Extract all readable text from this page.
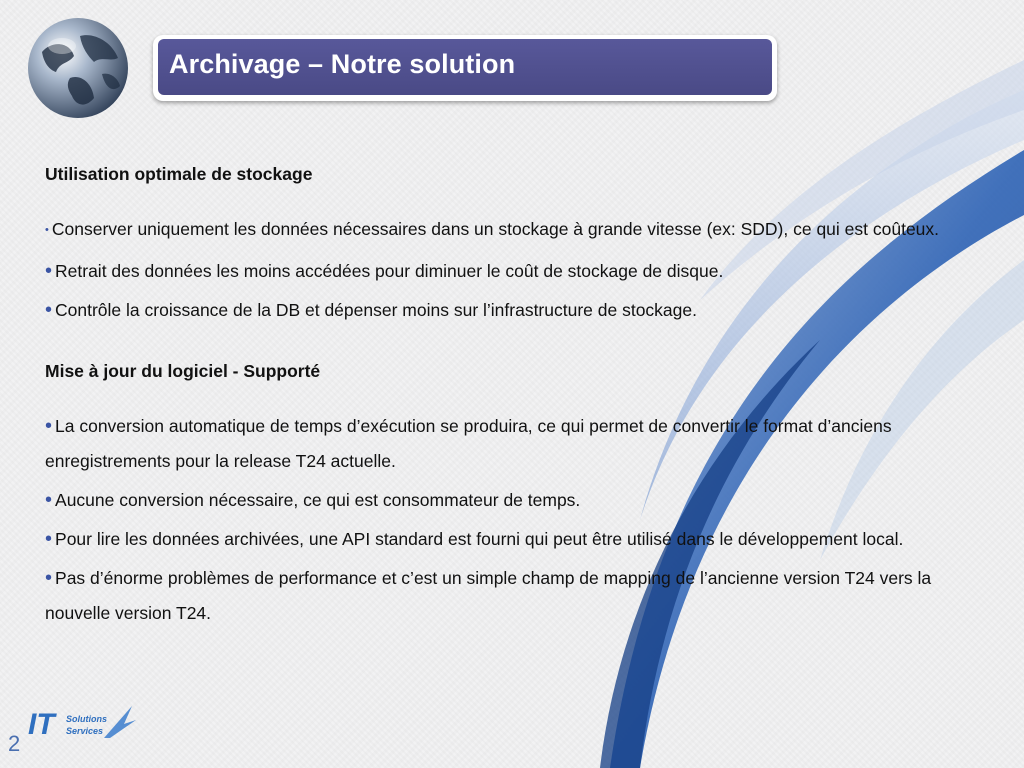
Archivage – Notre solution
Utilisation optimale de stockage

• Conserver uniquement les données nécessaires dans un stockage à grande vitesse (ex: SDD), ce qui est coûteux.

• Retrait des données les moins accédées pour diminuer le coût de stockage de disque.

• Contrôle la croissance de la DB et dépenser moins sur l’infrastructure de stockage.

Mise à jour du logiciel - Supporté

• La conversion automatique de temps d’exécution se produira, ce qui permet de convertir le format d’anciens enregistrements pour la release T24 actuelle.

• Aucune conversion nécessaire, ce qui est consommateur de temps.

• Pour lire les données archivées, une API standard est fourni qui peut être utilisé dans le développement local.

• Pas d’énorme problèmes de performance et c’est un simple champ de mapping de l’ancienne version T24 vers la nouvelle version T24.

IT Solutions
Services
2
